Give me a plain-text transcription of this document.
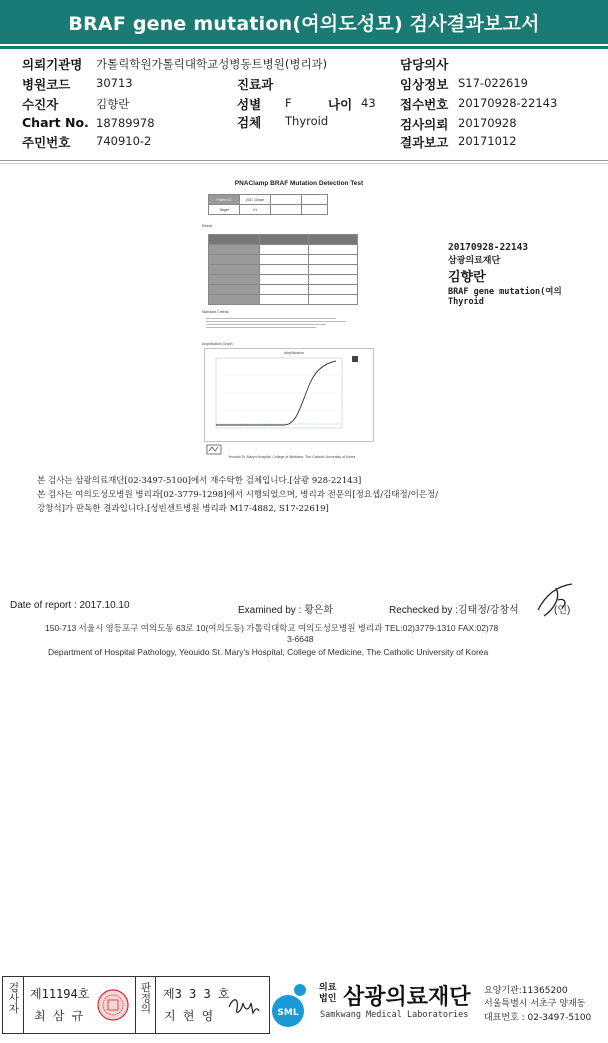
BRAF gene mutation(여의도성모) 검사결과보고서
의뢰기관명 가톨릭학원가톨릭대학교성병동트병원(병리과)	담당의사
병원코드 30713	진료과	임상정보 S17-022619
수진자	김향란	성별 F	나이 43 접수번호 20170928-22143
Chart No. 18789978	검체 Thyroid	검사의뢰 20170928
주민번호 740910-2	결과보고 20171012
PNAClamp BRAF Mutation Detection Test
Patient ID	2017-Grace		
Target	V1		
Result

Standard Criteria
Amplification Graph
Amplification
Yeouido St. Mary's Hospital, College of Medicine, The Catholic University of Korea
20170928-22143
삼광의료재단
김향란
BRAF gene mutation(여의
Thyroid
본 검사는 삼광의료재단[02-3497-5100]에서 재수탁한 검체입니다.[삼광 928-22143]
본 검사는 여의도성모병원 병리과[02-3779-1298]에서 시행되었으며, 병리과 전문의[정요셉/김태정/이은정/
강창석]가 판독한 결과입니다.[성빈센트병원 병리과 M17-4882, S17-22619]
Date of report : 2017.10.10	Examined by : 황은화	Rechecked by :김태정/강창석	(인)
150-713 서울시 영등포구 여의도동 63로 10(여의도동) 가톨릭대학교 여의도성모병원 병리과 TEL:02)3779-1310 FAX:02)78
3-6648
Department of Hospital Pathology, Yeouido St. Mary's Hospital, College of Medicine, The Catholic University of Korea
검사자 제11194호
최 삼 규
판정의 제3 3 3 호
지 현 영	SML
의료법인 삼광의료재단
Samkwang Medical Laboratories
요양기관:11365200
서울특별시 서초구 양재동
대표번호 : 02-3497-5100
